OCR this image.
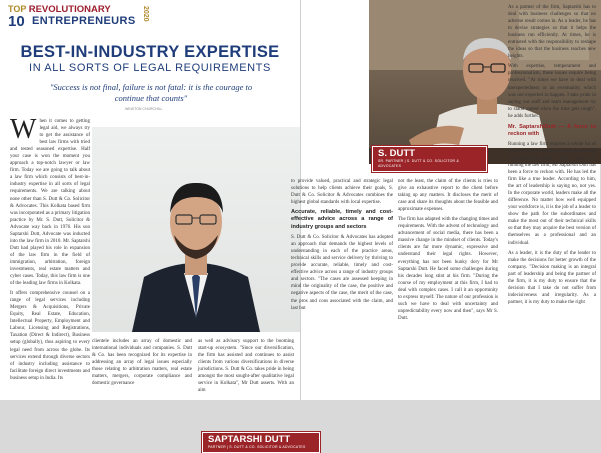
TOP REVOLUTIONARY
10 ENTREPRENEURS 2020
BEST-IN-INDUSTRY EXPERTISE
IN ALL SORTS OF LEGAL REQUIREMENTS
"Success is not final, failure is not fatal: it is the courage to continue that counts"
WINSTON CHURCHILL

When it comes to getting legal aid, we always try to get the assistance of best law firms with tried and tested seasoned expertise. Half your case is won the moment you approach a top-notch lawyer or law firm. Today we are going to talk about a law firm which consists of best-in-industry expertise in all sorts of legal requirements. We are talking about none other than S. Dutt & Co. Solicitor & Advocates. This Kolkata based firm was incorporated as a primary litigation practice by Mr. S. Dutt, Solicitor & Advocate way back in 1976. His son Saptarshi Dutt, Advocate was inducted into the law firm in 2010. Mr. Saptarshi Dutt had played his role in expansion of the law firm in the field of immigration, arbitration, foreign investments, real estate matters and cyber cases. Today, this law firm is one of the leading law firms in Kolkata.

It offers comprehensive counsel on a range of legal services including Mergers & Acquisitions, Private Equity, Real Estate, Education, Intellectual Property, Employment and Labour, Licensing and Registrations, Taxation (Direct & Indirect), Business setup (globally), thus aspiring to every legal need from across the globe. Its services extend through diverse sectors of industry including assistance to facilitate foreign direct investments and business setup in India. Its

SAPTARSHI DUTT
PARTNER | S. DUTT & CO. SOLICITOR & ADVOCATES
clientele includes an array of domestic and international individuals and companies. S. Dutt & Co. has been recognized for its expertise in addressing an array of legal issues especially those relating to arbitration matters, real estate matters, mergers, corporate compliance and domestic governance
as well as advisory support to the booming start-up ecosystem. "Since our diversification, the firm has assisted and continues to assist clients from various diversifications in diverse jurisdictions. S. Dutt & Co. takes pride in being amongst the most sought-after qualitative legal service in Kolkata", Mr Dutt asserts. With an aim
S. DUTT
SR. PARTNER | S. DUTT & CO. SOLICITOR & ADVOCATES

to provide valued, practical and strategic legal solutions to help clients achieve their goals, S. Dutt & Co. Solicitor & Advocates combines the highest global standards with local expertise.

Accurate, reliable, timely and cost-effective advice across a range of industry groups and sectors

S. Dutt & Co. Solicitor & Advocates has adopted an approach that demands the highest levels of understanding in each of the practice areas, technical skills and service delivery by thriving to provide accurate, reliable, timely and cost-effective advice across a range of industry groups and sectors. "The cases are assessed keeping in mind the originality of the case, the positive and negative aspects of the case, the merit of the case, the pros and cons associated with the claim, and last but

not the least, the claim of the clients is tries to give an exhaustive report to the client before taking up any matters. It discloses the merit of case and share its thoughts about the feasible and approximate expenses.

The firm has adapted with the changing times and requirements. With the advent of technology and advancement of social media, there has been a massive change in the mindset of clients. Today's clients are far more dynamic, expressive and understand their legal rights. However, everything has not been hunky dory for Mr Saptarshi Dutt. He faced some challenges during his decades long stint at his firm. "During the course of my employment at this firm, I had to deal with complex cases. I call it an opportunity to express myself. The nature of our profession is such we have to deal with uncertainty and unpredictability every now and then", says Mr S. Dutt.

As a partner of the firm, Saptarshi has to deal with business challenges so that no adverse result comes in. As a leader, he has to devise strategies so that it helps the business run efficiently. At times, he is entrusted with the responsibility to reshape the ideas so that the business reaches new heights.

With expertise, temperament and professionalism, these issues require being resolved. "At times we have to deal with unexpectedness or an eventuality, which was not expected to happen. I take pride in saying our staff and team management try to stand united when the time gets tough", he adds further.

Mr. SaptarshiDutt — A force to reckon with

Running a law firm requires a whole lot of positive temperament, in-depth knowledge and leadership skills. When it comes to running the law firm, Mr Saptarshi Dutt has been a force to reckon with. He has led the firm like a true leader. According to him, the art of leadership is saying no, not yes. In the corporate world, leaders make all the difference. No matter how well equipped your workforce is, it is the job of a leader to show the path for the subordinates and make the most out of their technical skills so that they may acquire the best version of themselves as a professional and an individual.

As a leader, it is the duty of the leader to make the decisions for better growth of the company. "Decision making is an integral part of leadership and being the partner of the firm, it is my duty to ensure that the decision that I take do not suffer from indecisiveness and irregularity. As a partner, it is my duty to make the right
